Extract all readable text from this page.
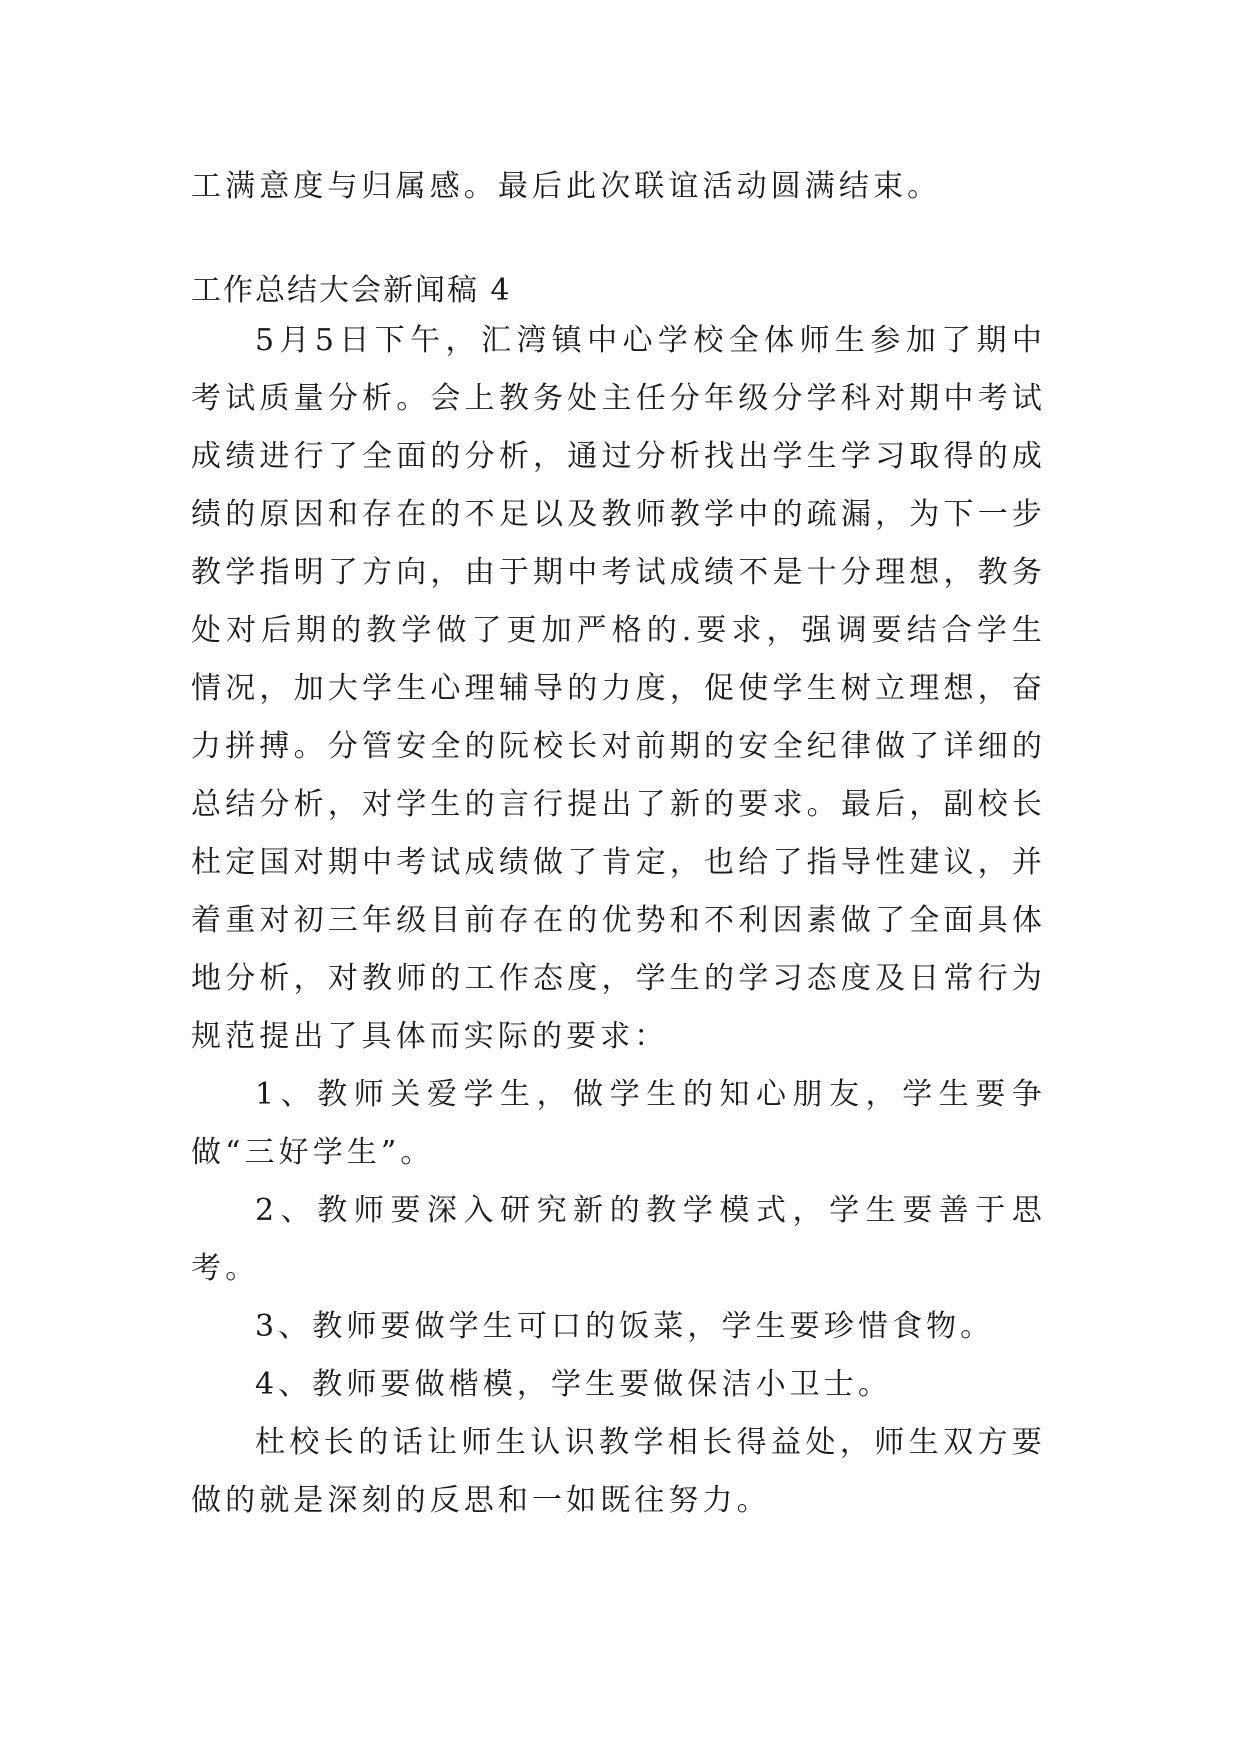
工满意度与归属感。最后此次联谊活动圆满结束。

工作总结大会新闻稿 4

5月5日下午，汇湾镇中心学校全体师生参加了期中考试质量分析。会上教务处主任分年级分学科对期中考试成绩进行了全面的分析，通过分析找出学生学习取得的成绩的原因和存在的不足以及教师教学中的疏漏，为下一步教学指明了方向，由于期中考试成绩不是十分理想，教务处对后期的教学做了更加严格的.要求，强调要结合学生情况，加大学生心理辅导的力度，促使学生树立理想，奋力拼搏。分管安全的阮校长对前期的安全纪律做了详细的总结分析，对学生的言行提出了新的要求。最后，副校长杜定国对期中考试成绩做了肯定，也给了指导性建议，并着重对初三年级目前存在的优势和不利因素做了全面具体地分析，对教师的工作态度，学生的学习态度及日常行为规范提出了具体而实际的要求：

1、教师关爱学生，做学生的知心朋友，学生要争做“三好学生”。

2、教师要深入研究新的教学模式，学生要善于思考。

3、教师要做学生可口的饭菜，学生要珍惜食物。

4、教师要做楷模，学生要做保洁小卫士。

杜校长的话让师生认识教学相长得益处，师生双方要做的就是深刻的反思和一如既往努力。
